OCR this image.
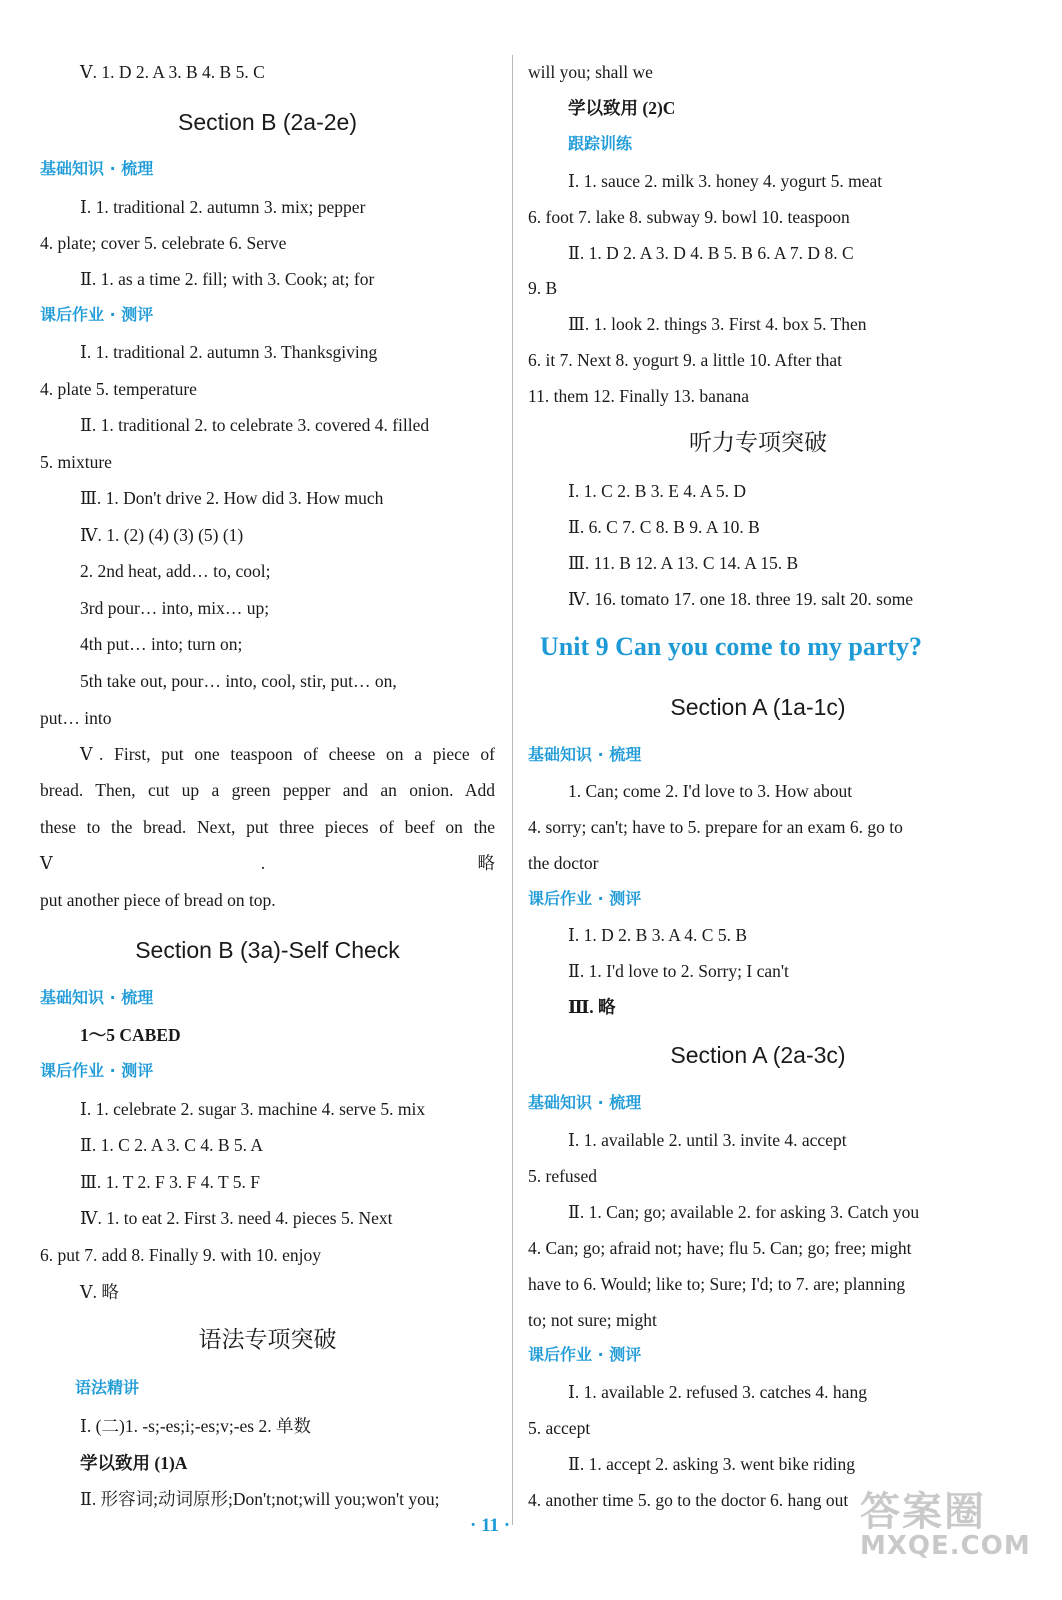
Ⅴ. 1. D 2. A 3. B 4. B 5. C
Section B (2a-2e)
基础知识 · 梳理
Ⅰ. 1. traditional 2. autumn 3. mix; pepper
4. plate; cover 5. celebrate 6. Serve
Ⅱ. 1. as a time 2. fill; with 3. Cook; at; for
课后作业 · 测评
Ⅰ. 1. traditional 2. autumn 3. Thanksgiving
4. plate 5. temperature
Ⅱ. 1. traditional 2. to celebrate 3. covered 4. filled
5. mixture
Ⅲ. 1. Don't drive 2. How did 3. How much
Ⅳ. 1. (2) (4) (3) (5) (1)
2. 2nd heat, add… to, cool;
3rd pour… into, mix… up;
4th put… into; turn on;
5th take out, pour… into, cool, stir, put… on,
put… into
Ⅴ. First, put one teaspoon of cheese on a piece of
bread. Then, cut up a green pepper and an onion. Add
these to the bread. Next, put three pieces of beef on the
Ⅴ. 略
put another piece of bread on top.
Section B (3a)-Self Check
基础知识 · 梳理
1～5 CABED
课后作业 · 测评
Ⅰ. 1. celebrate 2. sugar 3. machine 4. serve 5. mix
Ⅱ. 1. C 2. A 3. C 4. B 5. A
Ⅲ. 1. T 2. F 3. F 4. T 5. F
Ⅳ. 1. to eat 2. First 3. need 4. pieces 5. Next
6. put 7. add 8. Finally 9. with 10. enjoy
Ⅴ. 略
语法专项突破
语法精讲
Ⅰ. (二)1. -s;-es;i;-es;v;-es 2. 单数
学以致用 (1)A
Ⅱ. 形容词;动词原形;Don't;not;will you;won't you;
will you; shall we
学以致用 (2)C
跟踪训练
Ⅰ. 1. sauce 2. milk 3. honey 4. yogurt 5. meat
6. foot 7. lake 8. subway 9. bowl 10. teaspoon
Ⅱ. 1. D 2. A 3. D 4. B 5. B 6. A 7. D 8. C
9. B
Ⅲ. 1. look 2. things 3. First 4. box 5. Then
6. it 7. Next 8. yogurt 9. a little 10. After that
11. them 12. Finally 13. banana
听力专项突破
Ⅰ. 1. C 2. B 3. E 4. A 5. D
Ⅱ. 6. C 7. C 8. B 9. A 10. B
Ⅲ. 11. B 12. A 13. C 14. A 15. B
Ⅳ. 16. tomato 17. one 18. three 19. salt 20. some
Unit 9 Can you come to my party?
Section A (1a-1c)
基础知识 · 梳理
1. Can; come 2. I'd love to 3. How about
4. sorry; can't; have to 5. prepare for an exam 6. go to
the doctor
课后作业 · 测评
Ⅰ. 1. D 2. B 3. A 4. C 5. B
Ⅱ. 1. I'd love to 2. Sorry; I can't
Ⅲ. 略
Section A (2a-3c)
基础知识 · 梳理
Ⅰ. 1. available 2. until 3. invite 4. accept
5. refused
Ⅱ. 1. Can; go; available 2. for asking 3. Catch you
4. Can; go; afraid not; have; flu 5. Can; go; free; might
have to 6. Would; like to; Sure; I'd; to 7. are; planning
to; not sure; might
课后作业 · 测评
Ⅰ. 1. available 2. refused 3. catches 4. hang
5. accept
Ⅱ. 1. accept 2. asking 3. went bike riding
4. another time 5. go to the doctor 6. hang out
· 11 ·	答案圈
MXQE.COM
